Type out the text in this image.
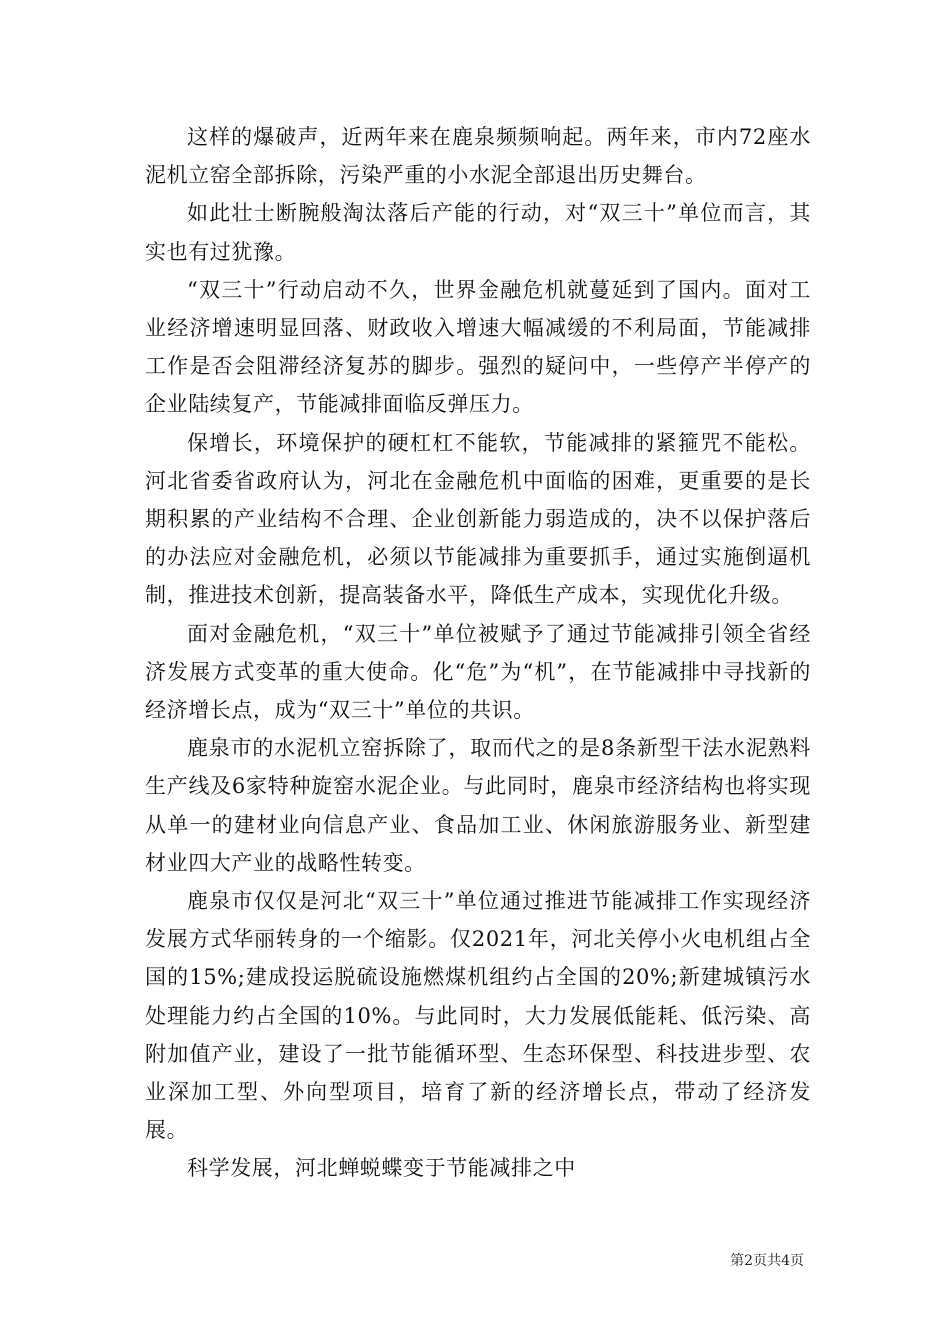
这样的爆破声，近两年来在鹿泉频频响起。两年来，市内72座水泥机立窑全部拆除，污染严重的小水泥全部退出历史舞台。

如此壮士断腕般淘汰落后产能的行动，对“双三十”单位而言，其实也有过犹豫。

“双三十”行动启动不久，世界金融危机就蔓延到了国内。面对工业经济增速明显回落、财政收入增速大幅减缓的不利局面，节能减排工作是否会阻滞经济复苏的脚步。强烈的疑问中，一些停产半停产的企业陆续复产，节能减排面临反弹压力。

保增长，环境保护的硬杠杠不能软，节能减排的紧箍咒不能松。河北省委省政府认为，河北在金融危机中面临的困难，更重要的是长期积累的产业结构不合理、企业创新能力弱造成的，决不以保护落后的办法应对金融危机，必须以节能减排为重要抓手，通过实施倒逼机制，推进技术创新，提高装备水平，降低生产成本，实现优化升级。

面对金融危机，“双三十”单位被赋予了通过节能减排引领全省经济发展方式变革的重大使命。化“危”为“机”，在节能减排中寻找新的经济增长点，成为“双三十”单位的共识。

鹿泉市的水泥机立窑拆除了，取而代之的是8条新型干法水泥熟料生产线及6家特种旋窑水泥企业。与此同时，鹿泉市经济结构也将实现从单一的建材业向信息产业、食品加工业、休闲旅游服务业、新型建材业四大产业的战略性转变。

鹿泉市仅仅是河北“双三十”单位通过推进节能减排工作实现经济发展方式华丽转身的一个缩影。仅2021年，河北关停小火电机组占全国的15%;建成投运脱硫设施燃煤机组约占全国的20%;新建城镇污水处理能力约占全国的10%。与此同时，大力发展低能耗、低污染、高附加值产业，建设了一批节能循环型、生态环保型、科技进步型、农业深加工型、外向型项目，培育了新的经济增长点，带动了经济发展。

科学发展，河北蝉蜕蝶变于节能减排之中

第2页共4页
